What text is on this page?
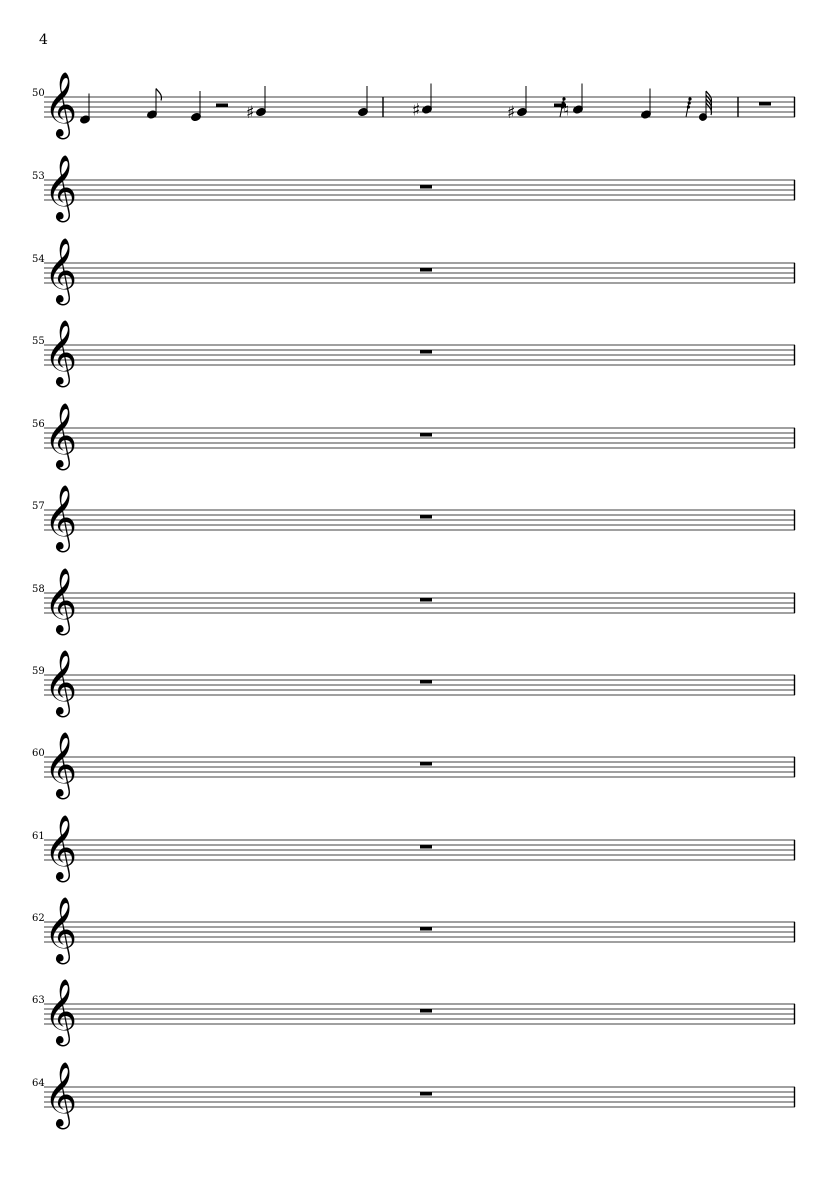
4
50 𝄞	♯	♯	♯	♮
53 𝄞
54 𝄞
55 𝄞
56 𝄞
57 𝄞
58 𝄞
59 𝄞
60 𝄞
61 𝄞
62 𝄞
63 𝄞
64 𝄞
